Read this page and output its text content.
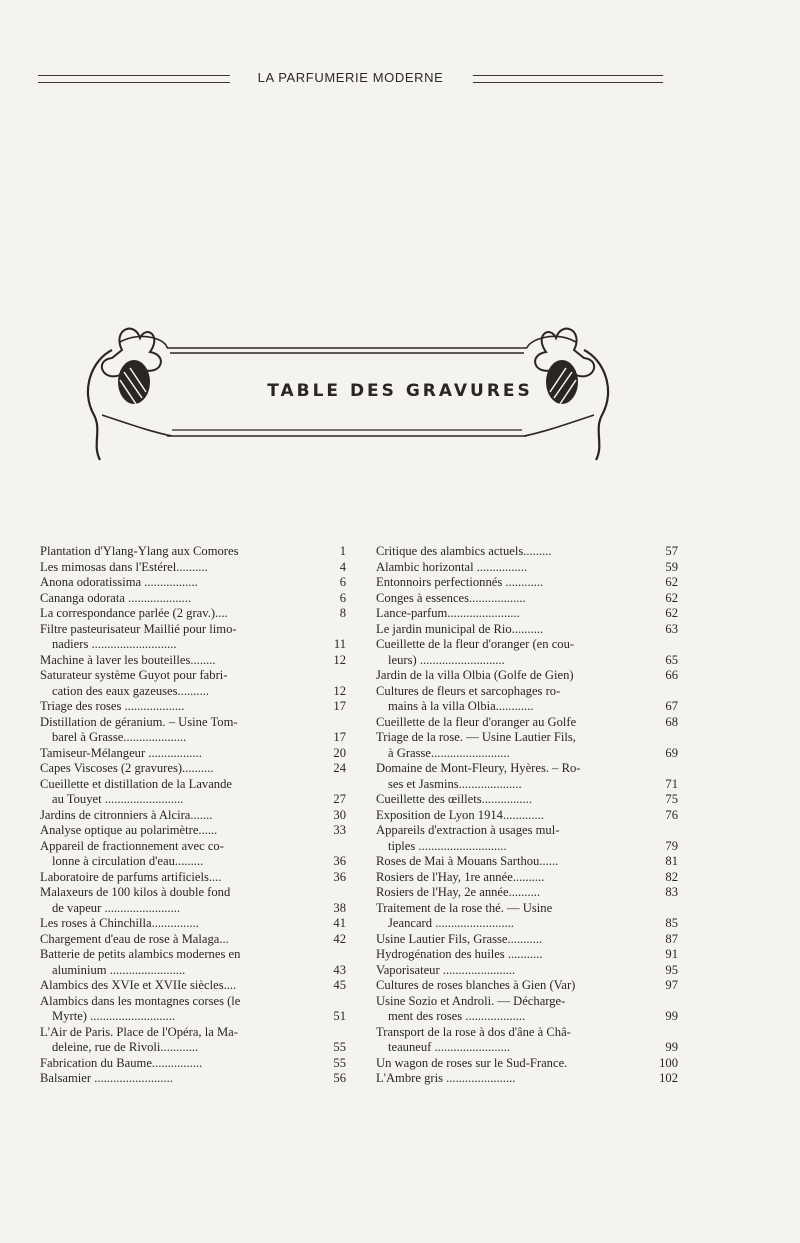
LA PARFUMERIE MODERNE
TABLE DES GRAVURES
Plantation d'Ylang-Ylang aux Comores	1
Les mimosas dans l'Estérel..........	4
Anona odoratissima .................	6
Cananga odorata ....................	6
La correspondance parlée (2 grav.)....	8
Filtre pasteurisateur Maillié pour limo-
nadiers ...........................	11
Machine à laver les bouteilles........	12
Saturateur système Guyot pour fabri-
cation des eaux gazeuses..........	12
Triage des roses ...................	17
Distillation de géranium. – Usine Tom-
barel à Grasse....................	17
Tamiseur-Mélangeur .................	20
Capes Viscoses (2 gravures)..........	24
Cueillette et distillation de la Lavande
au Touyet .........................	27
Jardins de citronniers à Alcira.......	30
Analyse optique au polarimètre......	33
Appareil de fractionnement avec co-
lonne à circulation d'eau.........	36
Laboratoire de parfums artificiels....	36
Malaxeurs de 100 kilos à double fond
de vapeur ........................	38
Les roses à Chinchilla...............	41
Chargement d'eau de rose à Malaga...	42
Batterie de petits alambics modernes en
aluminium ........................	43
Alambics des XVIe et XVIIe siècles....	45
Alambics dans les montagnes corses (le
Myrte) ...........................	51
L'Air de Paris. Place de l'Opéra, la Ma-
deleine, rue de Rivoli............	55
Fabrication du Baume................	55
Balsamier .........................	56
Critique des alambics actuels.........	57
Alambic horizontal ................	59
Entonnoirs perfectionnés ............	62
Conges à essences..................	62
Lance-parfum.......................	62
Le jardin municipal de Rio..........	63
Cueillette de la fleur d'oranger (en cou-
leurs) ...........................	65
Jardin de la villa Olbia (Golfe de Gien)	66
Cultures de fleurs et sarcophages ro-
mains à la villa Olbia............	67
Cueillette de la fleur d'oranger au Golfe	68
Triage de la rose. — Usine Lautier Fils,
à Grasse.........................	69
Domaine de Mont-Fleury, Hyères. – Ro-
ses et Jasmins....................	71
Cueillette des œillets................	75
Exposition de Lyon 1914.............	76
Appareils d'extraction à usages mul-
tiples ............................	79
Roses de Mai à Mouans Sarthou......	81
Rosiers de l'Hay, 1re année..........	82
Rosiers de l'Hay, 2e année..........	83
Traitement de la rose thé. — Usine
Jeancard .........................	85
Usine Lautier Fils, Grasse...........	87
Hydrogénation des huiles ...........	91
Vaporisateur .......................	95
Cultures de roses blanches à Gien (Var)	97
Usine Sozio et Androli. — Décharge-
ment des roses ...................	99
Transport de la rose à dos d'âne à Châ-
teauneuf ........................	99
Un wagon de roses sur le Sud-France.	100
L'Ambre gris ......................	102
